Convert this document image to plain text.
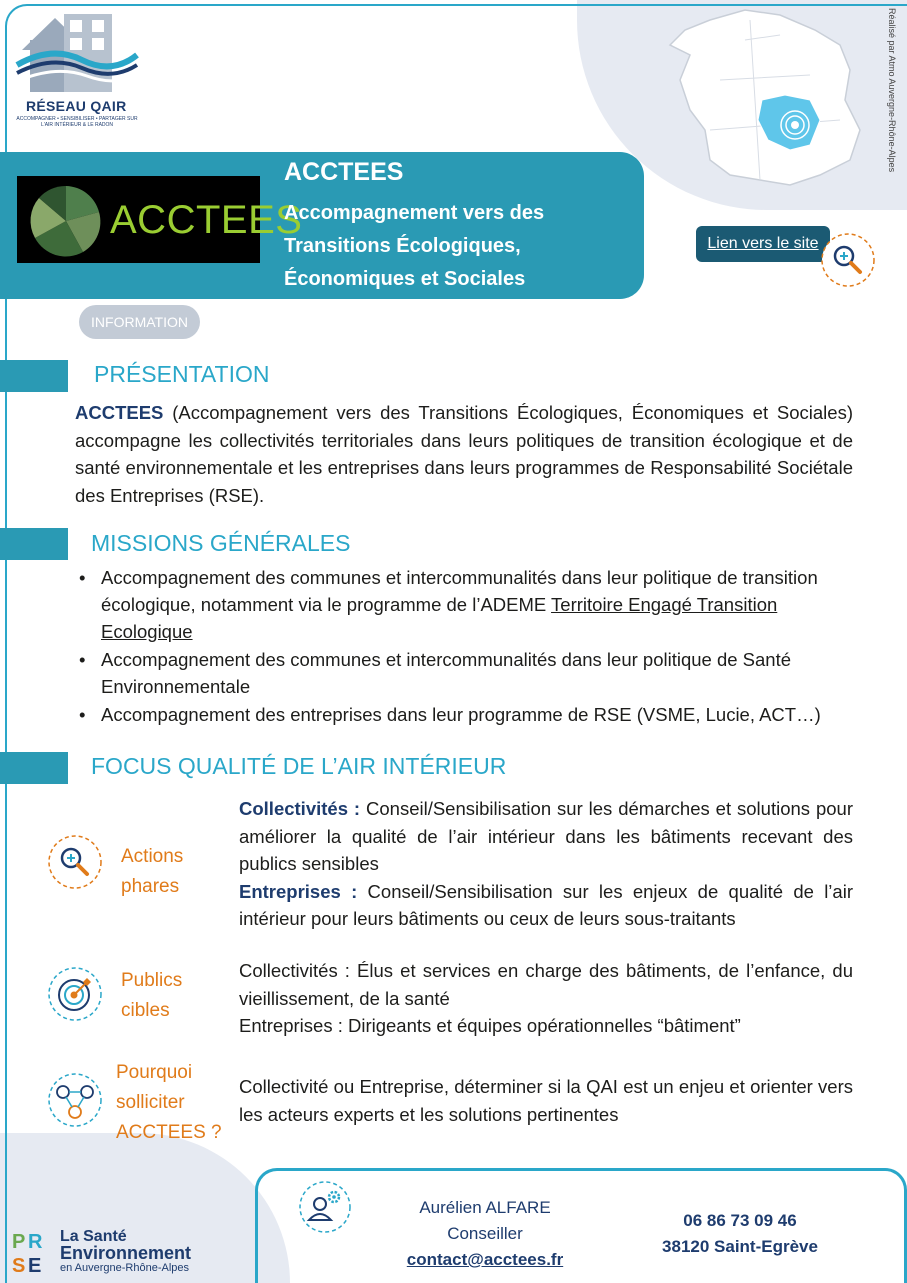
RÉSEAU QAIR
ACCOMPAGNER • SENSIBILISER • PARTAGER SUR L'AIR INTÉRIEUR & LE RADON	Réalisé par Atmo Auvergne-Rhône-Alpes
ACCTEES
ACCTEES
Accompagnement vers des Transitions Écologiques, Économiques et Sociales
Lien vers le site
INFORMATION
PRÉSENTATION
ACCTEES (Accompagnement vers des Transitions Écologiques, Économiques et Sociales) accompagne les collectivités territoriales dans leurs politiques de transition écologique et de santé environnementale et les entreprises dans leurs programmes de Responsabilité Sociétale des Entreprises (RSE).
MISSIONS GÉNÉRALES
• Accompagnement des communes et intercommunalités dans leur politique de transition écologique, notamment via le programme de l’ADEME Territoire Engagé Transition Ecologique
• Accompagnement des communes et intercommunalités dans leur politique de Santé Environnementale
• Accompagnement des entreprises dans leur programme de RSE (VSME, Lucie, ACT…)
FOCUS QUALITÉ DE L’AIR INTÉRIEUR
Actions
phares
Collectivités : Conseil/Sensibilisation sur les démarches et solutions pour améliorer la qualité de l’air intérieur dans les bâtiments recevant des publics sensibles
Entreprises : Conseil/Sensibilisation sur les enjeux de qualité de l’air intérieur pour leurs bâtiments ou ceux de leurs sous-traitants
Publics
cibles
Collectivités : Élus et services en charge des bâtiments, de l’enfance, du vieillissement, de la santé
Entreprises : Dirigeants et équipes opérationnelles “bâtiment”
Pourquoi
solliciter
ACCTEES ?
Collectivité ou Entreprise, déterminer si la QAI est un enjeu et orienter vers les acteurs experts et les solutions pertinentes
Aurélien ALFARE
Conseiller
contact@acctees.fr
06 86 73 09 46
38120 Saint-Egrève
P R
S E
La Santé
Environnement
en Auvergne-Rhône-Alpes
